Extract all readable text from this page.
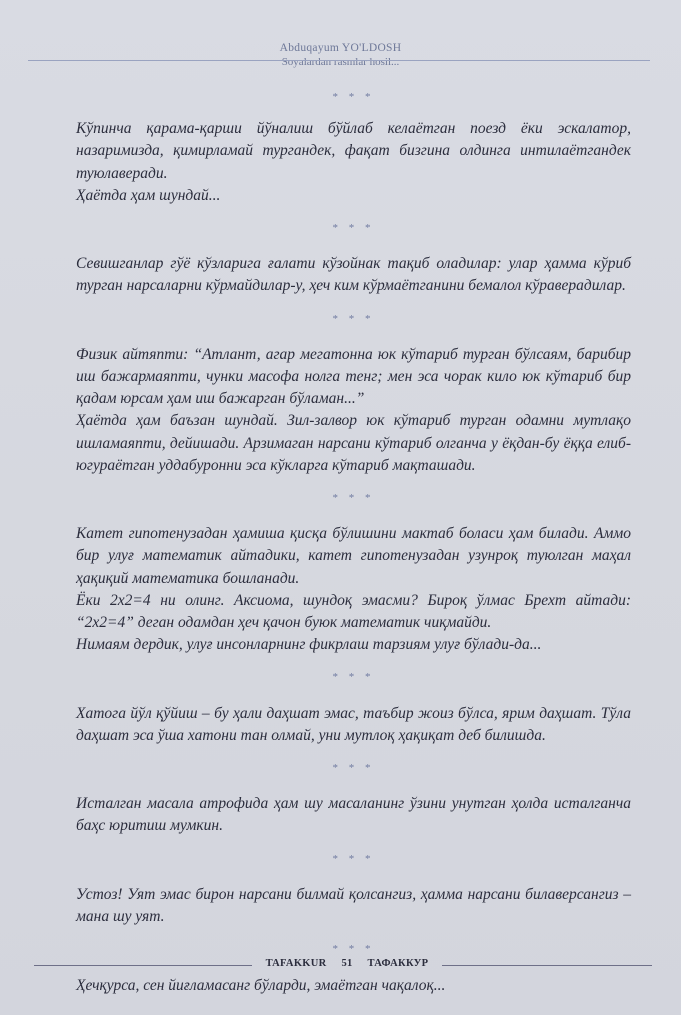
Abduqayum YO'LDOSH
Soyalardan rasmlar hosil...
* * *

Кўпинча қарама-қарши йўналиш бўйлаб келаётган поезд ёки эскалатор, назаримизда, қимирламай тургандек, фақат бизгина олдинга интилаётгандек туюлаверади.

Ҳаётда ҳам шундай...

* * *

Севишганлар гўё кўзларига ғалати кўзойнак тақиб оладилар: улар ҳамма кўриб турган нарсаларни кўрмайдилар-у, ҳеч ким кўрмаётганини бемалол кўраверадилар.

* * *

Физик айтяпти: “Атлант, агар мегатонна юк кўтариб турган бўлсаям, барибир иш бажармаяпти, чунки масофа нолга тенг; мен эса чорак кило юк кўтариб бир қадам юрсам ҳам иш бажарган бўламан...”

Ҳаётда ҳам баъзан шундай. Зил-залвор юк кўтариб турган одамни мутлақо ишламаяпти, дейишади. Арзимаган нарсани кўтариб олганча у ёқдан-бу ёққа елиб-югураётган уддабуронни эса кўкларга кўтариб мақташади.

* * *

Катет гипотенузадан ҳамиша қисқа бўлишини мактаб боласи ҳам билади. Аммо бир улуғ математик айтадики, катет гипотенузадан узунроқ туюлган маҳал ҳақиқий математика бошланади.

Ёки 2х2=4 ни олинг. Аксиома, шундоқ эмасми? Бироқ ўлмас Брехт айтади: “2х2=4” деган одамдан ҳеч қачон буюк математик чиқмайди.

Нимаям дердик, улуғ инсонларнинг фикрлаш тарзиям улуғ бўлади-да...

* * *

Хатога йўл қўйиш – бу ҳали даҳшат эмас, таъбир жоиз бўлса, ярим даҳшат. Тўла даҳшат эса ўша хатони тан олмай, уни мутлоқ ҳақиқат деб билишда.

* * *

Исталган масала атрофида ҳам шу масаланинг ўзини унутган ҳолда исталганча баҳс юритиш мумкин.

* * *

Устоз! Уят эмас бирон нарсани билмай қолсангиз, ҳамма нарсани билаверсангиз – мана шу уят.

* * *

Ҳечқурса, сен йиғламасанг бўларди, эмаётган чақалоқ...

TAFAKKUR 51 ТАФАККУР
